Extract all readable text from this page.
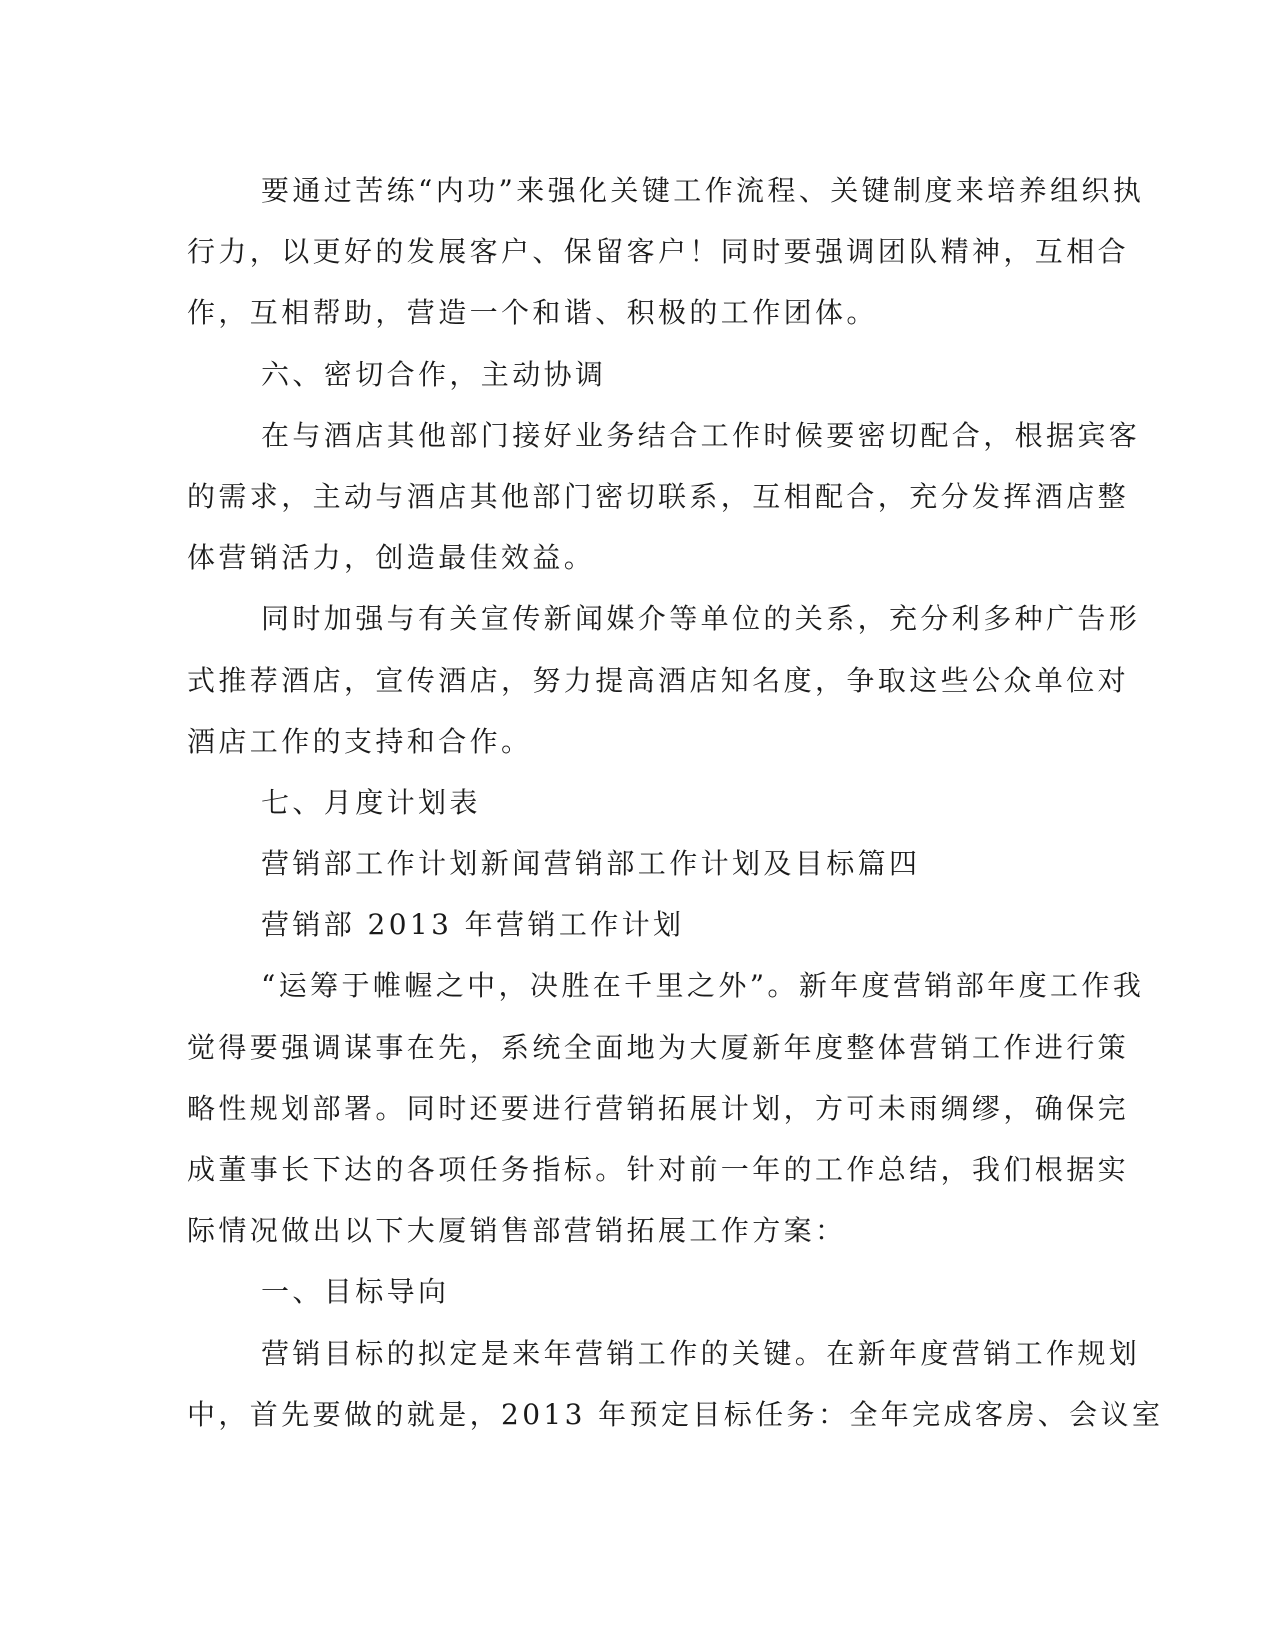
要通过苦练“内功”来强化关键工作流程、关键制度来培养组织执
行力，以更好的发展客户、保留客户！同时要强调团队精神，互相合
作，互相帮助，营造一个和谐、积极的工作团体。
六、密切合作，主动协调
在与酒店其他部门接好业务结合工作时候要密切配合，根据宾客
的需求，主动与酒店其他部门密切联系，互相配合，充分发挥酒店整
体营销活力，创造最佳效益。
同时加强与有关宣传新闻媒介等单位的关系，充分利多种广告形
式推荐酒店，宣传酒店，努力提高酒店知名度，争取这些公众单位对
酒店工作的支持和合作。
七、月度计划表
营销部工作计划新闻营销部工作计划及目标篇四
营销部 2013 年营销工作计划
“运筹于帷幄之中，决胜在千里之外”。新年度营销部年度工作我
觉得要强调谋事在先，系统全面地为大厦新年度整体营销工作进行策
略性规划部署。同时还要进行营销拓展计划，方可未雨绸缪，确保完
成董事长下达的各项任务指标。针对前一年的工作总结，我们根据实
际情况做出以下大厦销售部营销拓展工作方案：
一、目标导向
营销目标的拟定是来年营销工作的关键。在新年度营销工作规划
中，首先要做的就是，2013 年预定目标任务：全年完成客房、会议室
